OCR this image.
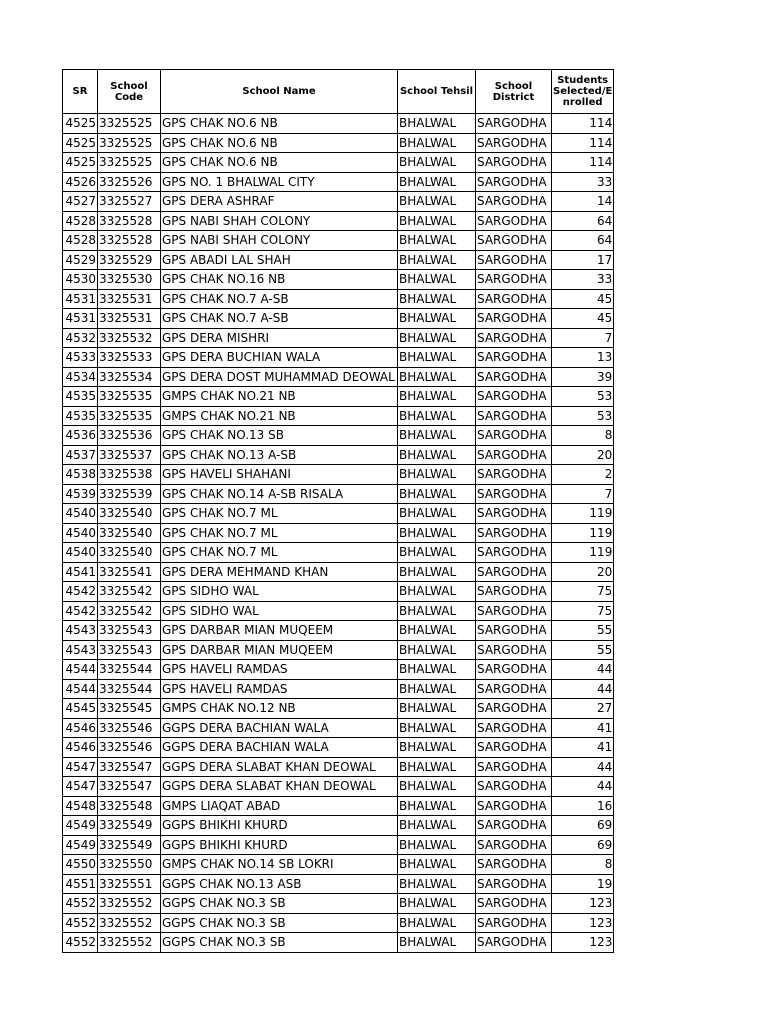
SR	School Code	School Name	School Tehsil	School District	Students Selected/E nrolled
4525	3325525	GPS CHAK NO.6 NB	BHALWAL	SARGODHA	114
4525	3325525	GPS CHAK NO.6 NB	BHALWAL	SARGODHA	114
4525	3325525	GPS CHAK NO.6 NB	BHALWAL	SARGODHA	114
4526	3325526	GPS NO. 1 BHALWAL CITY	BHALWAL	SARGODHA	33
4527	3325527	GPS DERA ASHRAF	BHALWAL	SARGODHA	14
4528	3325528	GPS NABI SHAH COLONY	BHALWAL	SARGODHA	64
4528	3325528	GPS NABI SHAH COLONY	BHALWAL	SARGODHA	64
4529	3325529	GPS ABADI LAL SHAH	BHALWAL	SARGODHA	17
4530	3325530	GPS CHAK NO.16 NB	BHALWAL	SARGODHA	33
4531	3325531	GPS CHAK NO.7 A-SB	BHALWAL	SARGODHA	45
4531	3325531	GPS CHAK NO.7 A-SB	BHALWAL	SARGODHA	45
4532	3325532	GPS DERA MISHRI	BHALWAL	SARGODHA	7
4533	3325533	GPS DERA BUCHIAN WALA	BHALWAL	SARGODHA	13
4534	3325534	GPS DERA DOST MUHAMMAD DEOWAL	BHALWAL	SARGODHA	39
4535	3325535	GMPS CHAK NO.21 NB	BHALWAL	SARGODHA	53
4535	3325535	GMPS CHAK NO.21 NB	BHALWAL	SARGODHA	53
4536	3325536	GPS CHAK NO.13 SB	BHALWAL	SARGODHA	8
4537	3325537	GPS CHAK NO.13 A-SB	BHALWAL	SARGODHA	20
4538	3325538	GPS HAVELI SHAHANI	BHALWAL	SARGODHA	2
4539	3325539	GPS CHAK NO.14 A-SB RISALA	BHALWAL	SARGODHA	7
4540	3325540	GPS CHAK NO.7 ML	BHALWAL	SARGODHA	119
4540	3325540	GPS CHAK NO.7 ML	BHALWAL	SARGODHA	119
4540	3325540	GPS CHAK NO.7 ML	BHALWAL	SARGODHA	119
4541	3325541	GPS DERA MEHMAND KHAN	BHALWAL	SARGODHA	20
4542	3325542	GPS SIDHO WAL	BHALWAL	SARGODHA	75
4542	3325542	GPS SIDHO WAL	BHALWAL	SARGODHA	75
4543	3325543	GPS DARBAR MIAN MUQEEM	BHALWAL	SARGODHA	55
4543	3325543	GPS DARBAR MIAN MUQEEM	BHALWAL	SARGODHA	55
4544	3325544	GPS HAVELI RAMDAS	BHALWAL	SARGODHA	44
4544	3325544	GPS HAVELI RAMDAS	BHALWAL	SARGODHA	44
4545	3325545	GMPS CHAK NO.12 NB	BHALWAL	SARGODHA	27
4546	3325546	GGPS DERA BACHIAN WALA	BHALWAL	SARGODHA	41
4546	3325546	GGPS DERA BACHIAN WALA	BHALWAL	SARGODHA	41
4547	3325547	GGPS DERA SLABAT KHAN DEOWAL	BHALWAL	SARGODHA	44
4547	3325547	GGPS DERA SLABAT KHAN DEOWAL	BHALWAL	SARGODHA	44
4548	3325548	GMPS LIAQAT ABAD	BHALWAL	SARGODHA	16
4549	3325549	GGPS BHIKHI KHURD	BHALWAL	SARGODHA	69
4549	3325549	GGPS BHIKHI KHURD	BHALWAL	SARGODHA	69
4550	3325550	GMPS CHAK NO.14 SB LOKRI	BHALWAL	SARGODHA	8
4551	3325551	GGPS CHAK NO.13 ASB	BHALWAL	SARGODHA	19
4552	3325552	GGPS CHAK NO.3 SB	BHALWAL	SARGODHA	123
4552	3325552	GGPS CHAK NO.3 SB	BHALWAL	SARGODHA	123
4552	3325552	GGPS CHAK NO.3 SB	BHALWAL	SARGODHA	123
